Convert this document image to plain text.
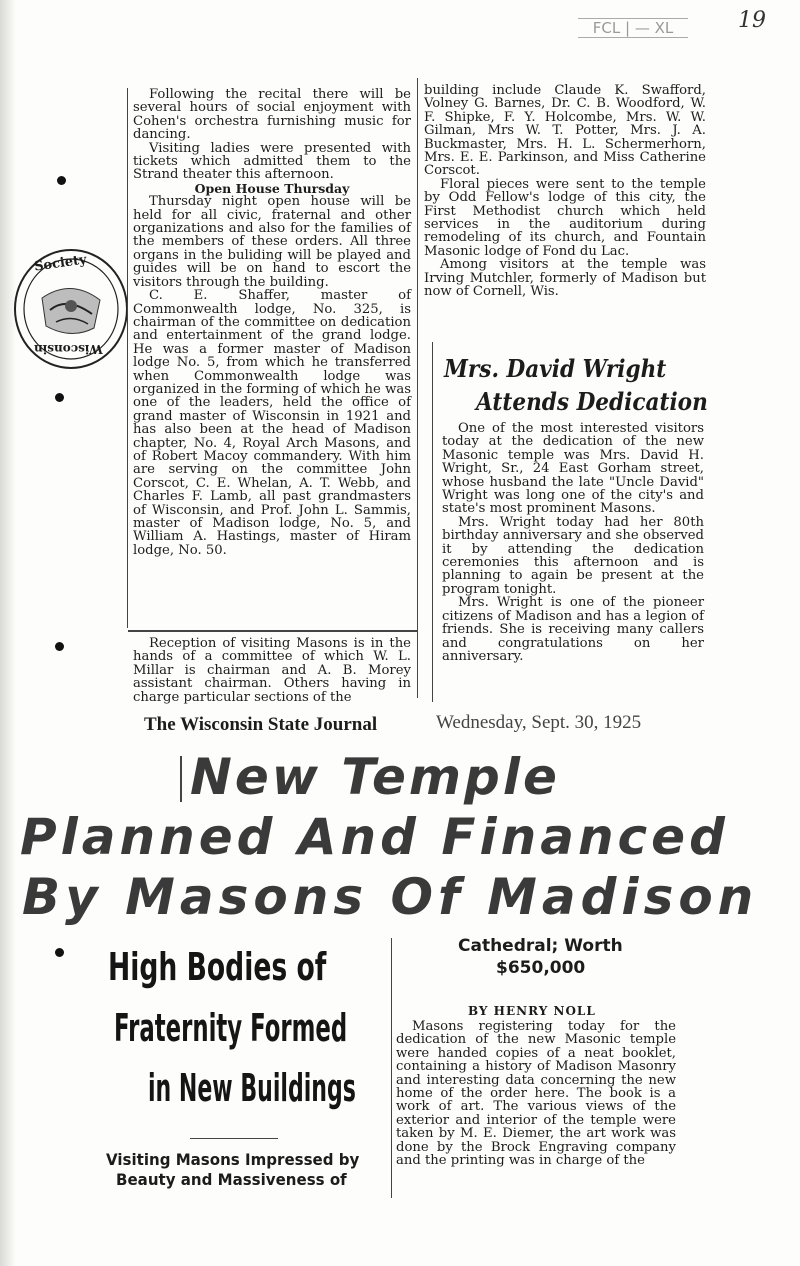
19
FCL | — XL
Society
Wisconsin

Following the recital there will be several hours of social enjoyment with Cohen's orchestra furnishing music for dancing.

Visiting ladies were presented with tickets which admitted them to the Strand theater this afternoon.

Open House Thursday

Thursday night open house will be held for all civic, fraternal and other organizations and also for the families of the members of these orders. All three organs in the buliding will be played and guides will be on hand to escort the visitors through the building.

C. E. Shaffer, master of Commonwealth lodge, No. 325, is chairman of the committee on dedication and entertainment of the grand lodge. He was a former master of Madison lodge No. 5, from which he transferred when Commonwealth lodge was organized in the forming of which he was one of the leaders, held the office of grand master of Wisconsin in 1921 and has also been at the head of Madison chapter, No. 4, Royal Arch Masons, and of Robert Macoy commandery. With him are serving on the committee John Corscot, C. E. Whelan, A. T. Webb, and Charles F. Lamb, all past grandmasters of Wisconsin, and Prof. John L. Sammis, master of Madison lodge, No. 5, and William A. Hastings, master of Hiram lodge, No. 50.

Reception of visiting Masons is in the hands of a committee of which W. L. Millar is chairman and A. B. Morey assistant chairman. Others having in charge particular sections of the

building include Claude K. Swafford, Volney G. Barnes, Dr. C. B. Woodford, W. F. Shipke, F. Y. Holcombe, Mrs. W. W. Gilman, Mrs W. T. Potter, Mrs. J. A. Buckmaster, Mrs. H. L. Schermerhorn, Mrs. E. E. Parkinson, and Miss Catherine Corscot.

Floral pieces were sent to the temple by Odd Fellow's lodge of this city, the First Methodist church which held services in the auditorium during remodeling of its church, and Fountain Masonic lodge of Fond du Lac.

Among visitors at the temple was Irving Mutchler, formerly of Madison but now of Cornell, Wis.

Mrs. David Wright
Attends Dedication

One of the most interested visitors today at the dedication of the new Masonic temple was Mrs. David H. Wright, Sr., 24 East Gorham street, whose husband the late "Uncle David" Wright was long one of the city's and state's most prominent Masons.

Mrs. Wright today had her 80th birthday anniversary and she observed it by attending the dedication ceremonies this afternoon and is planning to again be present at the program tonight.

Mrs. Wright is one of the pioneer citizens of Madison and has a legion of friends. She is receiving many callers and congratulations on her anniversary.

The Wisconsin State Journal	Wednesday, Sept. 30, 1925
New Temple
Planned And Financed
By Masons Of Madison
High Bodies of
Fraternity Formed
in New Buildings
Visiting Masons Impressed by
Beauty and Massiveness of
Cathedral; Worth
$650,000
BY HENRY NOLL

Masons registering today for the dedication of the new Masonic temple were handed copies of a neat booklet, containing a history of Madison Masonry and interesting data concerning the new home of the order here. The book is a work of art. The various views of the exterior and interior of the temple were taken by M. E. Diemer, the art work was done by the Brock Engraving company and the printing was in charge of the
